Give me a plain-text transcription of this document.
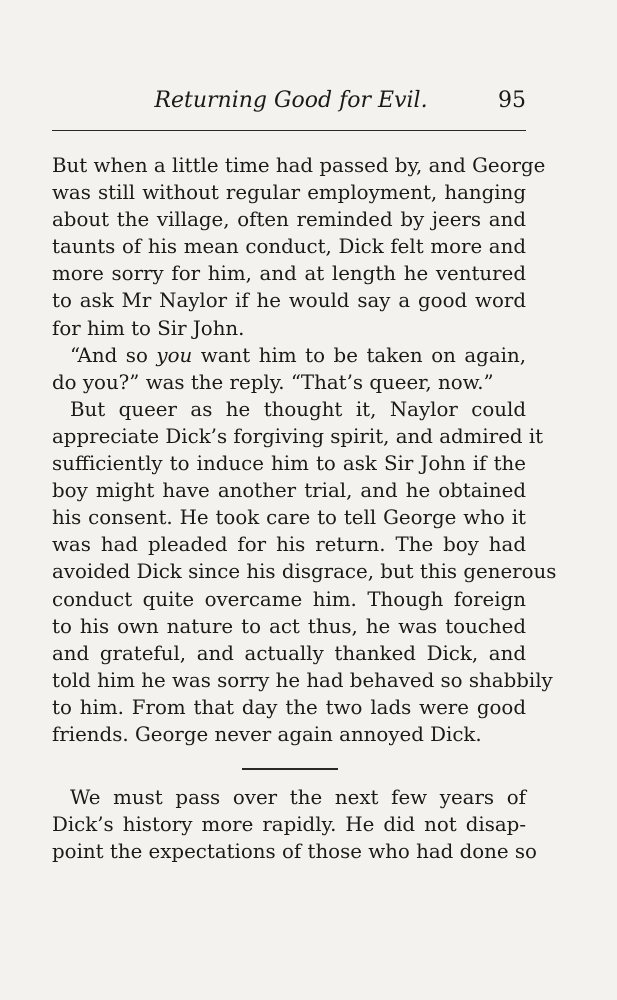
Returning Good for Evil.	95
But when a little time had passed by, and George
was still without regular employment, hanging
about the village, often reminded by jeers and
taunts of his mean conduct, Dick felt more and
more sorry for him, and at length he ventured
to ask Mr Naylor if he would say a good word
for him to Sir John.
“And so you want him to be taken on again,
do you?” was the reply. “That’s queer, now.”
But queer as he thought it, Naylor could
appreciate Dick’s forgiving spirit, and admired it
sufficiently to induce him to ask Sir John if the
boy might have another trial, and he obtained
his consent. He took care to tell George who it
was had pleaded for his return. The boy had
avoided Dick since his disgrace, but this generous
conduct quite overcame him. Though foreign
to his own nature to act thus, he was touched
and grateful, and actually thanked Dick, and
told him he was sorry he had behaved so shabbily
to him. From that day the two lads were good
friends. George never again annoyed Dick.
We must pass over the next few years of
Dick’s history more rapidly. He did not disap-
point the expectations of those who had done so
